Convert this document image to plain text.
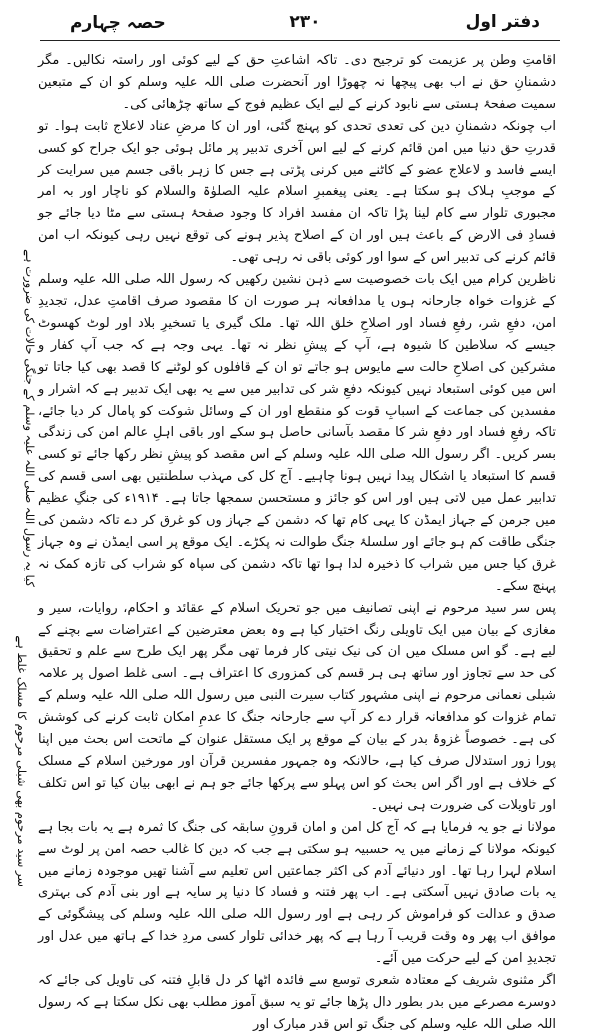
دفتر اول
۲۳۰
حصہ چہارم

اقامتِ وطن پر عزیمت کو ترجیح دی۔ تاکہ اشاعتِ حق کے لیے کوئی اور راستہ نکالیں۔ مگر دشمنانِ حق نے اب بھی پیچھا نہ چھوڑا اور آنحضرت صلی اللہ علیہ وسلم کو ان کے متبعین سمیت صفحۂ ہستی سے نابود کرنے کے لیے ایک عظیم فوج کے ساتھ چڑھائی کی۔

اب چونکہ دشمنانِ دین کی تعدی تحدی کو پہنچ گئی، اور ان کا مرضِ عناد لاعلاج ثابت ہوا۔ تو قدرتِ حق دنیا میں امن قائم کرنے کے لیے اس آخری تدبیر پر مائل ہوئی جو ایک جراح کو کسی ایسے فاسد و لاعلاج عضو کے کاٹنے میں کرنی پڑتی ہے جس کا زہر باقی جسم میں سرایت کر کے موجبِ ہلاک ہو سکتا ہے۔ یعنی پیغمبرِ اسلام علیہ الصلوٰۃ والسلام کو ناچار اور بہ امر مجبوری تلوار سے کام لینا پڑا تاکہ ان مفسد افراد کا وجود صفحۂ ہستی سے مٹا دیا جائے جو فسادِ فی الارض کے باعث ہیں اور ان کے اصلاح پذیر ہونے کی توقع نہیں رہی کیونکہ اب امن قائم کرنے کی تدبیر اس کے سوا اور کوئی باقی نہ رہی تھی۔

ناظرین کرام میں ایک بات خصوصیت سے ذہن نشین رکھیں کہ رسول اللہ صلی اللہ علیہ وسلم کے غزوات خواہ جارحانہ ہوں یا مدافعانہ ہر صورت ان کا مقصود صرف اقامتِ عدل، تجدیدِ امن، دفعِ شر، رفعِ فساد اور اصلاحِ خلق اللہ تھا۔ ملک گیری یا تسخیرِ بلاد اور لوٹ کھسوٹ جیسے کہ سلاطین کا شیوہ ہے، آپ کے پیشِ نظر نہ تھا۔ یہی وجہ ہے کہ جب آپ کفار و مشرکین کی اصلاحِ حالت سے مایوس ہو جاتے تو ان کے قافلوں کو لوٹنے کا قصد بھی کیا جاتا تو اس میں کوئی استبعاد نہیں کیونکہ دفعِ شر کی تدابیر میں سے یہ بھی ایک تدبیر ہے کہ اشرار و مفسدین کی جماعت کے اسبابِ قوت کو منقطع اور ان کے وسائل شوکت کو پامال کر دیا جائے، تاکہ رفعِ فساد اور دفعِ شر کا مقصد بآسانی حاصل ہو سکے اور باقی اہلِ عالم امن کی زندگی بسر کریں۔ اگر رسول اللہ صلی اللہ علیہ وسلم کے اس مقصد کو پیشِ نظر رکھا جائے تو کسی قسم کا استبعاد یا اشکال پیدا نہیں ہونا چاہیے۔ آج کل کی مہذب سلطنتیں بھی اسی قسم کی تدابیر عمل میں لاتی ہیں اور اس کو جائز و مستحسن سمجھا جاتا ہے۔ ۱۹۱۴ء کی جنگِ عظیم میں جرمن کے جہاز ایمڈن کا یہی کام تھا کہ دشمن کے جہاز وں کو غرق کر دے تاکہ دشمن کی جنگی طاقت کم ہو جائے اور سلسلۂ جنگ طوالت نہ پکڑے۔ ایک موقع پر اسی ایمڈن نے وہ جہاز غرق کیا جس میں شراب کا ذخیرہ لدا ہوا تھا تاکہ دشمن کی سپاہ کو شراب کی تازہ کمک نہ پہنچ سکے۔

پس سر سید مرحوم نے اپنی تصانیف میں جو تحریک اسلام کے عقائد و احکام، روایات، سیر و مغازی کے بیان میں ایک تاویلی رنگ اختیار کیا ہے وہ بعض معترضین کے اعتراضات سے بچنے کے لیے ہے۔ گو اس مسلک میں ان کی نیک نیتی کار فرما تھی مگر پھر ایک طرح سے علم و تحقیق کی حد سے تجاوز اور ساتھ ہی ہر قسم کی کمزوری کا اعتراف ہے۔ اسی غلط اصول پر علامہ شبلی نعمانی مرحوم نے اپنی مشہور کتاب سیرت النبی میں رسول اللہ صلی اللہ علیہ وسلم کے تمام غزوات کو مدافعانہ قرار دے کر آپ سے جارحانہ جنگ کا عدمِ امکان ثابت کرنے کی کوشش کی ہے۔ خصوصاً غزوۂ بدر کے بیان کے موقع پر ایک مستقل عنوان کے ماتحت اس بحث میں اپنا پورا زور استدلال صرف کیا ہے، حالانکہ وہ جمہور مفسرین قرآن اور مورخین اسلام کے مسلک کے خلاف ہے اور اگر اس بحث کو اس پہلو سے پرکھا جائے جو ہم نے ابھی بیان کیا تو اس تکلف اور تاویلات کی ضرورت ہی نہیں۔

مولانا نے جو یہ فرمایا ہے کہ آج کل امن و امان قرونِ سابقہ کی جنگ کا ثمرہ ہے یہ بات بجا ہے کیونکہ مولانا کے زمانے میں یہ حسبیہ ہو سکتی ہے جب کہ دین کا غالب حصہ امن پر لوٹ سے اسلام لہرا رہا تھا۔ اور دنیائے آدم کی اکثر جماعتیں اس تعلیم سے آشنا تھیں موجودہ زمانے میں یہ بات صادق نہیں آسکتی ہے۔ اب پھر فتنہ و فساد کا دنیا پر سایہ ہے اور بنی آدم کی بہتری صدق و عدالت کو فراموش کر رہی ہے اور رسول اللہ صلی اللہ علیہ وسلم کی پیشگوئی کے موافق اب پھر وہ وقت قریب آ رہا ہے کہ پھر خدائی تلوار کسی مردِ خدا کے ہاتھ میں عدل اور تجدیدِ امن کے لیے حرکت میں آئے۔

اگر مثنوی شریف کے معتادہ شعری توسع سے فائدہ اٹھا کر دل قابلِ فتنہ کی تاویل کی جائے کہ دوسرے مصرعے میں بدر بطور دال پڑھا جائے تو یہ سبق آموز مطلب بھی نکل سکتا ہے کہ رسول اللہ صلی اللہ علیہ وسلم کی جنگ تو اس قدر مبارک اور

کیا یہ رسول اللہ صلی اللہ علیہ وسلم کے جنگی حالات کی ضرورت ہے
سر سید مرحوم بھی شبلی مرحوم کا مسلک غلط ہے
